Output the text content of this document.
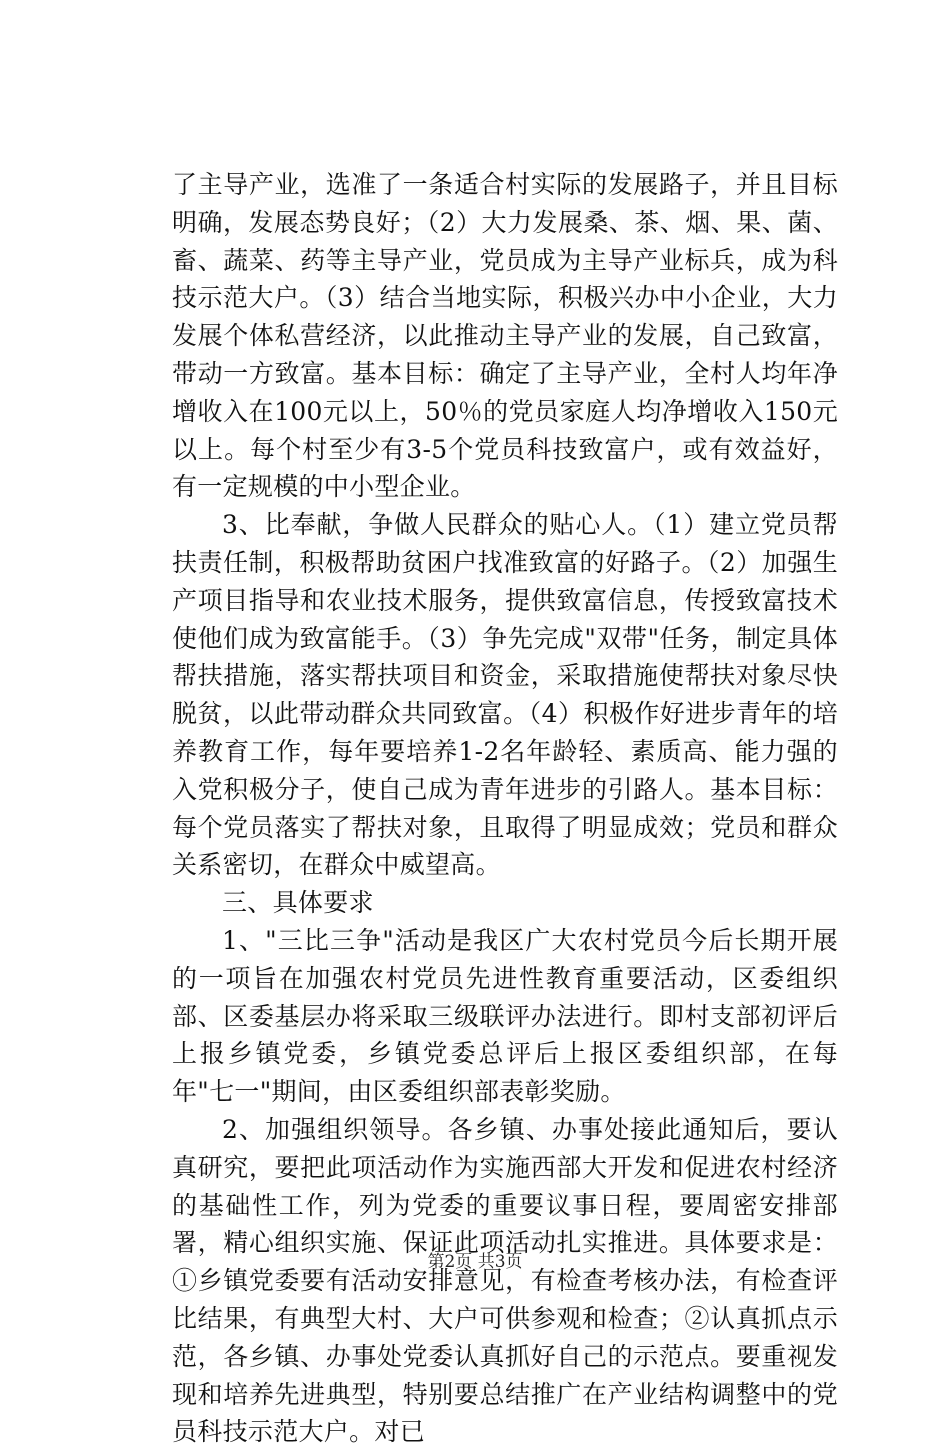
了主导产业，选准了一条适合村实际的发展路子，并且目标明确，发展态势良好；（2）大力发展桑、茶、烟、果、菌、畜、蔬菜、药等主导产业，党员成为主导产业标兵，成为科技示范大户。（3）结合当地实际，积极兴办中小企业，大力发展个体私营经济，以此推动主导产业的发展，自己致富，带动一方致富。基本目标：确定了主导产业，全村人均年净增收入在100元以上，50％的党员家庭人均净增收入150元以上。每个村至少有3-5个党员科技致富户，或有效益好，有一定规模的中小型企业。

3、比奉献，争做人民群众的贴心人。（1）建立党员帮扶责任制，积极帮助贫困户找准致富的好路子。（2）加强生产项目指导和农业技术服务，提供致富信息，传授致富技术使他们成为致富能手。（3）争先完成"双带"任务，制定具体帮扶措施，落实帮扶项目和资金，采取措施使帮扶对象尽快脱贫，以此带动群众共同致富。（4）积极作好进步青年的培养教育工作，每年要培养1-2名年龄轻、素质高、能力强的入党积极分子，使自己成为青年进步的引路人。基本目标：每个党员落实了帮扶对象，且取得了明显成效；党员和群众关系密切，在群众中威望高。

三、具体要求

1、"三比三争"活动是我区广大农村党员今后长期开展的一项旨在加强农村党员先进性教育重要活动，区委组织部、区委基层办将采取三级联评办法进行。即村支部初评后上报乡镇党委，乡镇党委总评后上报区委组织部，在每年"七一"期间，由区委组织部表彰奖励。

2、加强组织领导。各乡镇、办事处接此通知后，要认真研究，要把此项活动作为实施西部大开发和促进农村经济的基础性工作，列为党委的重要议事日程，要周密安排部署，精心组织实施、保证此项活动扎实推进。具体要求是：①乡镇党委要有活动安排意见，有检查考核办法，有检查评比结果，有典型大村、大户可供参观和检查；②认真抓点示范，各乡镇、办事处党委认真抓好自己的示范点。要重视发现和培养先进典型，特别要总结推广在产业结构调整中的党员科技示范大户。对已

第2页 共3页
